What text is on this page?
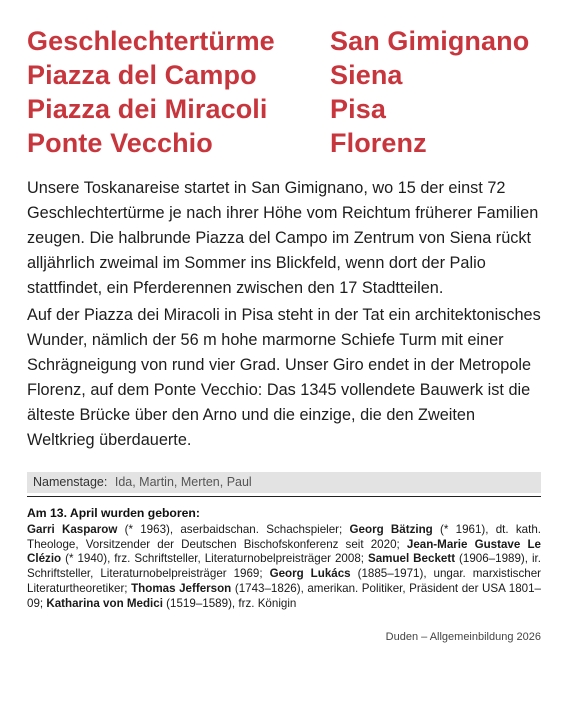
Geschlechtertürme	San Gimignano
Piazza del Campo	Siena
Piazza dei Miracoli	Pisa
Ponte Vecchio	Florenz

Unsere Toskanareise startet in San Gimignano, wo 15 der einst 72 Geschlechtertürme je nach ihrer Höhe vom Reichtum früherer Familien zeugen. Die halbrunde Piazza del Campo im Zentrum von Siena rückt alljährlich zweimal im Sommer ins Blickfeld, wenn dort der Palio stattfindet, ein Pferderennen zwischen den 17 Stadtteilen.

Auf der Piazza dei Miracoli in Pisa steht in der Tat ein architektonisches Wunder, nämlich der 56 m hohe marmorne Schiefe Turm mit einer Schrägneigung von rund vier Grad. Unser Giro endet in der Metropole Florenz, auf dem Ponte Vecchio: Das 1345 vollendete Bauwerk ist die älteste Brücke über den Arno und die einzige, die den Zweiten Weltkrieg überdauerte.

Namenstage: Ida, Martin, Merten, Paul
Am 13. April wurden geboren:

Garri Kasparow (* 1963), aserbaidschan. Schachspieler; Georg Bätzing (* 1961), dt. kath. Theologe, Vorsitzender der Deutschen Bischofskonferenz seit 2020; Jean-Marie Gustave Le Clézio (* 1940), frz. Schriftsteller, Literaturnobelpreisträger 2008; Samuel Beckett (1906–1989), ir. Schriftsteller, Literaturnobelpreisträger 1969; Georg Lukács (1885–1971), ungar. marxistischer Literaturtheoretiker; Thomas Jefferson (1743–1826), amerikan. Politiker, Präsident der USA 1801–09; Katharina von Medici (1519–1589), frz. Königin

Duden – Allgemeinbildung 2026
